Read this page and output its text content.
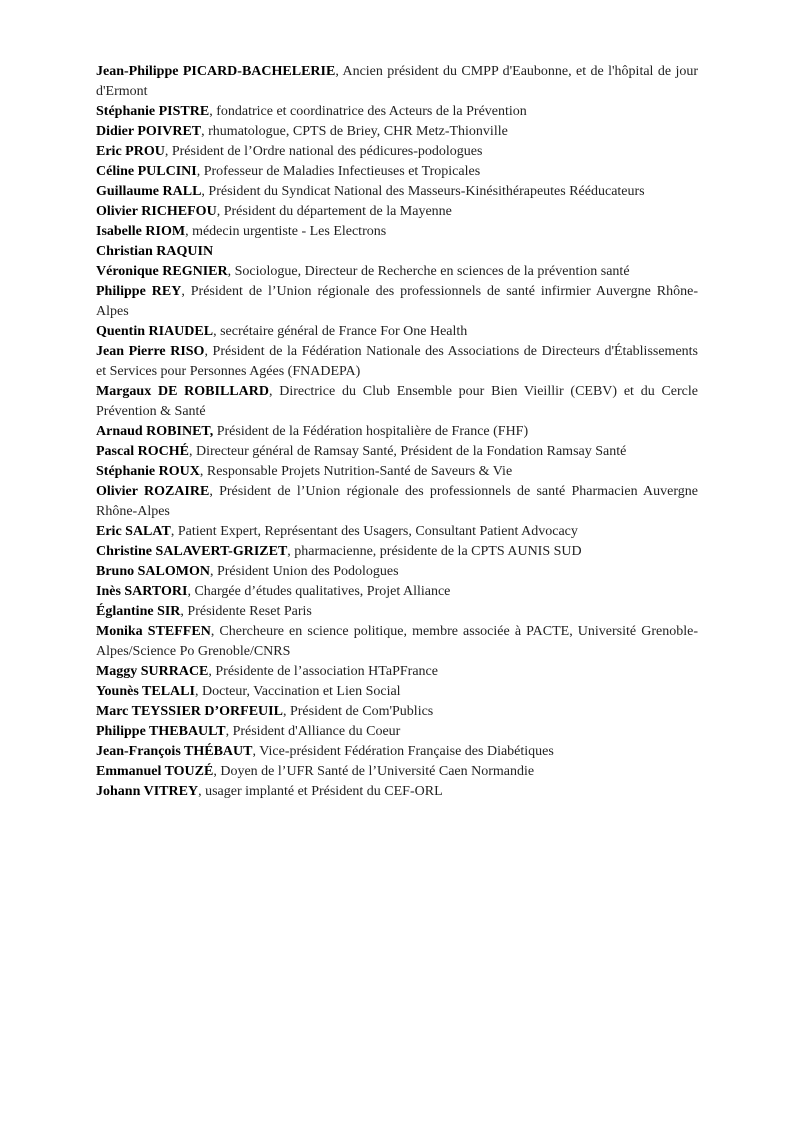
Jean-Philippe PICARD-BACHELERIE, Ancien président du CMPP d'Eaubonne, et de l'hôpital de jour d'Ermont
Stéphanie PISTRE, fondatrice et coordinatrice des Acteurs de la Prévention
Didier POIVRET, rhumatologue, CPTS de Briey, CHR Metz-Thionville
Eric PROU, Président de l’Ordre national des pédicures-podologues
Céline PULCINI, Professeur de Maladies Infectieuses et Tropicales
Guillaume RALL, Président du Syndicat National des Masseurs-Kinésithérapeutes Rééducateurs
Olivier RICHEFOU, Président du département de la Mayenne
Isabelle RIOM, médecin urgentiste - Les Electrons
Christian RAQUIN
Véronique REGNIER, Sociologue, Directeur de Recherche en sciences de la prévention santé
Philippe REY, Président de l’Union régionale des professionnels de santé infirmier Auvergne Rhône-Alpes
Quentin RIAUDEL, secrétaire général de France For One Health
Jean Pierre RISO, Président de la Fédération Nationale des Associations de Directeurs d'Établissements et Services pour Personnes Agées (FNADEPA)
Margaux DE ROBILLARD, Directrice du Club Ensemble pour Bien Vieillir (CEBV) et du Cercle Prévention & Santé
Arnaud ROBINET, Président de la Fédération hospitalière de France (FHF)
Pascal ROCHÉ, Directeur général de Ramsay Santé, Président de la Fondation Ramsay Santé
Stéphanie ROUX, Responsable Projets Nutrition-Santé de Saveurs & Vie
Olivier ROZAIRE, Président de l’Union régionale des professionnels de santé Pharmacien Auvergne Rhône-Alpes
Eric SALAT, Patient Expert, Représentant des Usagers, Consultant Patient Advocacy
Christine SALAVERT-GRIZET, pharmacienne, présidente de la CPTS AUNIS SUD
Bruno SALOMON, Président Union des Podologues
Inès SARTORI, Chargée d’études qualitatives, Projet Alliance
Églantine SIR, Présidente Reset Paris
Monika STEFFEN, Chercheure en science politique, membre associée à PACTE, Université Grenoble-Alpes/Science Po Grenoble/CNRS
Maggy SURRACE, Présidente de l’association HTaPFrance
Younès TELALI, Docteur, Vaccination et Lien Social
Marc TEYSSIER D’ORFEUIL, Président de Com'Publics
Philippe THEBAULT, Président d'Alliance du Coeur
Jean-François THÉBAUT, Vice-président Fédération Française des Diabétiques
Emmanuel TOUZÉ, Doyen de l’UFR Santé de l’Université Caen Normandie
Johann VITREY, usager implanté et Président du CEF-ORL
